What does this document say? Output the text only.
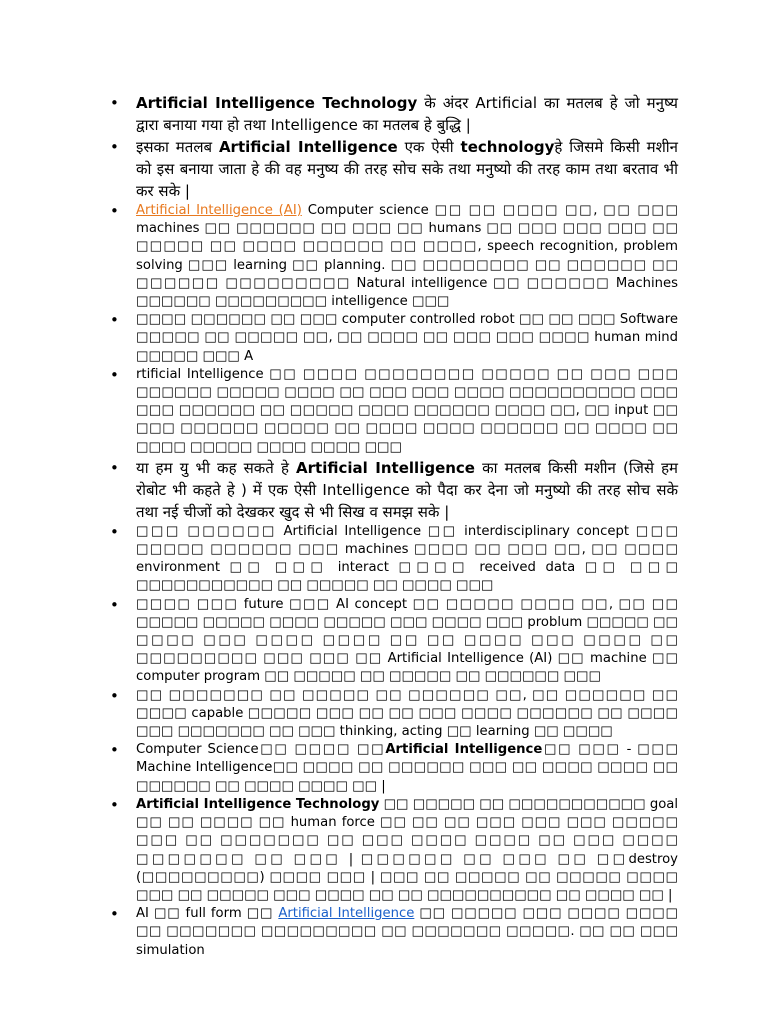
• Artificial Intelligence Technology के अंदर Artificial का मतलब हे जो मनुष्य द्वारा बनाया गया हो तथा Intelligence का मतलब हे बुद्धि |
• इसका मतलब Artificial Intelligence एक ऐसी technologyहे जिसमे किसी मशीन को इस बनाया जाता हे की वह मनुष्य की तरह सोच सके तथा मनुष्यो की तरह काम तथा बरताव भी कर सके |
• Artificial Intelligence (AI) Computer science □□ □□ □□□□ □□, □□ □□□ machines □□ □□□□□□ □□ □□□ □□ humans □□ □□□ □□□ □□□ □□ □□□□□ □□ □□□□ □□□□□□ □□ □□□□, speech recognition, problem solving □□□ learning □□ planning. □□ □□□□□□□□ □□ □□□□□□ □□ □□□□□□ □□□□□□□□□ Natural intelligence □□ □□□□□□ Machines □□□□□□ □□□□□□□□□ intelligence □□□
• □□□□ □□□□□□ □□ □□□ computer controlled robot □□ □□ □□□ Software □□□□□ □□ □□□□□ □□, □□ □□□□ □□ □□□ □□□ □□□□ human mind □□□□□ □□□ A
• rtificial Intelligence □□ □□□□ □□□□□□□□ □□□□□ □□ □□□ □□□ □□□□□□ □□□□□ □□□□ □□ □□□ □□□ □□□□ □□□□□□□□□□ □□□ □□□ □□□□□□ □□ □□□□□ □□□□ □□□□□□ □□□□ □□, □□ input □□ □□□ □□□□□□ □□□□□ □□ □□□□ □□□□ □□□□□□ □□ □□□□ □□ □□□□ □□□□□ □□□□ □□□□ □□□
• या हम यु भी कह सकते हे Artificial Intelligence का मतलब किसी मशीन (जिसे हम रोबोट भी कहते हे ) में एक ऐसी Intelligence को पैदा कर देना जो मनुष्यो की तरह सोच सके तथा नई चीजों को देखकर खुद से भी सिख व समझ सके |
• □□□ □□□□□□ Artificial Intelligence □□ interdisciplinary concept □□□ □□□□□ □□□□□□ □□□ machines □□□□ □□ □□□ □□, □□ □□□□ environment □□ □□□ interact □□□□ received data □□ □□□ □□□□□□□□□□□ □□ □□□□□ □□ □□□□ □□□
• □□□□ □□□ future □□□ AI concept □□ □□□□□ □□□□ □□, □□ □□ □□□□□ □□□□□ □□□□ □□□□□ □□□ □□□□ □□□ problum □□□□□ □□ □□□□ □□□ □□□□ □□□□ □□ □□ □□□□ □□□ □□□□ □□ □□□□□□□□□ □□□ □□□ □□ Artificial Intelligence (AI) □□ machine □□ computer program □□ □□□□□ □□ □□□□□ □□ □□□□□□ □□□
• □□ □□□□□□□ □□ □□□□□ □□ □□□□□□ □□, □□ □□□□□□ □□ □□□□ capable □□□□□ □□□ □□ □□ □□□ □□□□ □□□□□□ □□ □□□□ □□□ □□□□□□□ □□ □□□ thinking, acting □□ learning □□ □□□□
• Computer Science□□ □□□□ □□Artificial Intelligence□□ □□□ - □□□ Machine Intelligence□□ □□□□ □□ □□□□□□ □□□ □□ □□□□ □□□□ □□ □□□□□□ □□ □□□□ □□□□ □□ |
• Artificial Intelligence Technology □□ □□□□□ □□ □□□□□□□□□□□ goal □□ □□ □□□□ □□ human force □□ □□ □□ □□□ □□□ □□□ □□□□□ □□□ □□ □□□□□□□ □□ □□□ □□□□ □□□□ □□ □□□ □□□□ □□□□□□□ □□ □□□ | □□□□□□ □□ □□□ □□ □□destroy (□□□□□□□□□) □□□□ □□□ | □□□ □□ □□□□□ □□ □□□□□ □□□□ □□□ □□ □□□□□ □□□ □□□□ □□ □□ □□□□□□□□□□ □□ □□□□ □□ |
• AI □□ full form □□ Artificial Intelligence □□ □□□□□ □□□ □□□□ □□□□ □□ □□□□□□□ □□□□□□□□□ □□ □□□□□□□ □□□□□. □□ □□ □□□ simulation
